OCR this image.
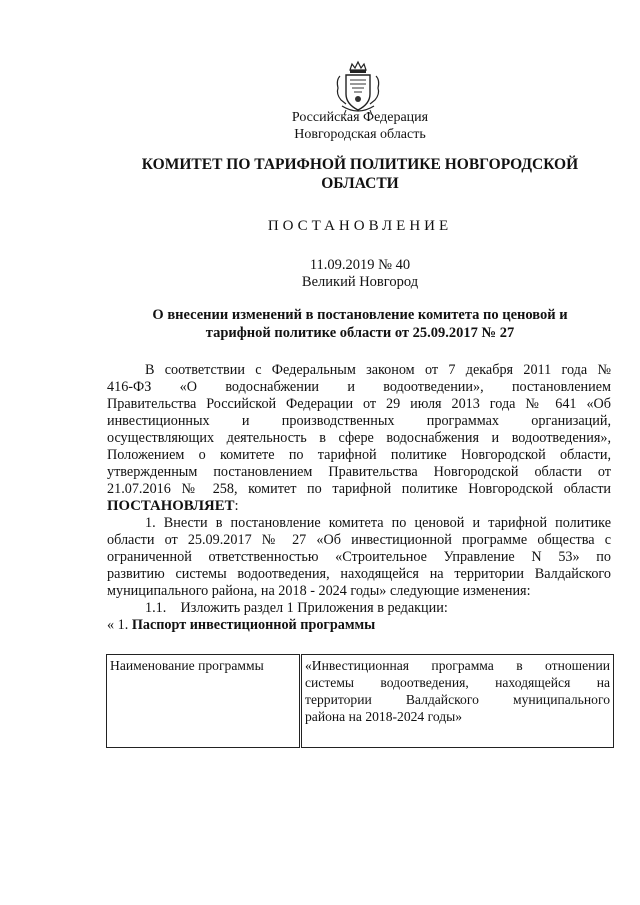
Российская Федерация
Новгородская область
КОМИТЕТ ПО ТАРИФНОЙ ПОЛИТИКЕ НОВГОРОДСКОЙ
ОБЛАСТИ
ПОСТАНОВЛЕНИЕ
11.09.2019 № 40
Великий Новгород
О внесении изменений в постановление комитета по ценовой и
тарифной политике области от 25.09.2017 № 27
В соответствии с Федеральным законом от 7 декабря 2011 года №
416-ФЗ «О водоснабжении и водоотведении», постановлением
Правительства Российской Федерации от 29 июля 2013 года № 641 «Об
инвестиционных и производственных программах организаций,
осуществляющих деятельность в сфере водоснабжения и водоотведения»,
Положением о комитете по тарифной политике Новгородской области,
утвержденным постановлением Правительства Новгородской области от
21.07.2016 № 258, комитет по тарифной политике Новгородской области
ПОСТАНОВЛЯЕТ:
1. Внести в постановление комитета по ценовой и тарифной политике
области от 25.09.2017 № 27 «Об инвестиционной программе общества с
ограниченной ответственностью «Строительное Управление N 53» по
развитию системы водоотведения, находящейся на территории Валдайского
муниципального района, на 2018 - 2024 годы» следующие изменения:
1.1. Изложить раздел 1 Приложения в редакции:
« 1. Паспорт инвестиционной программы
Наименование программы	«Инвестиционная программа в отношении
системы водоотведения, находящейся на
территории Валдайского муниципального
района на 2018-2024 годы»
